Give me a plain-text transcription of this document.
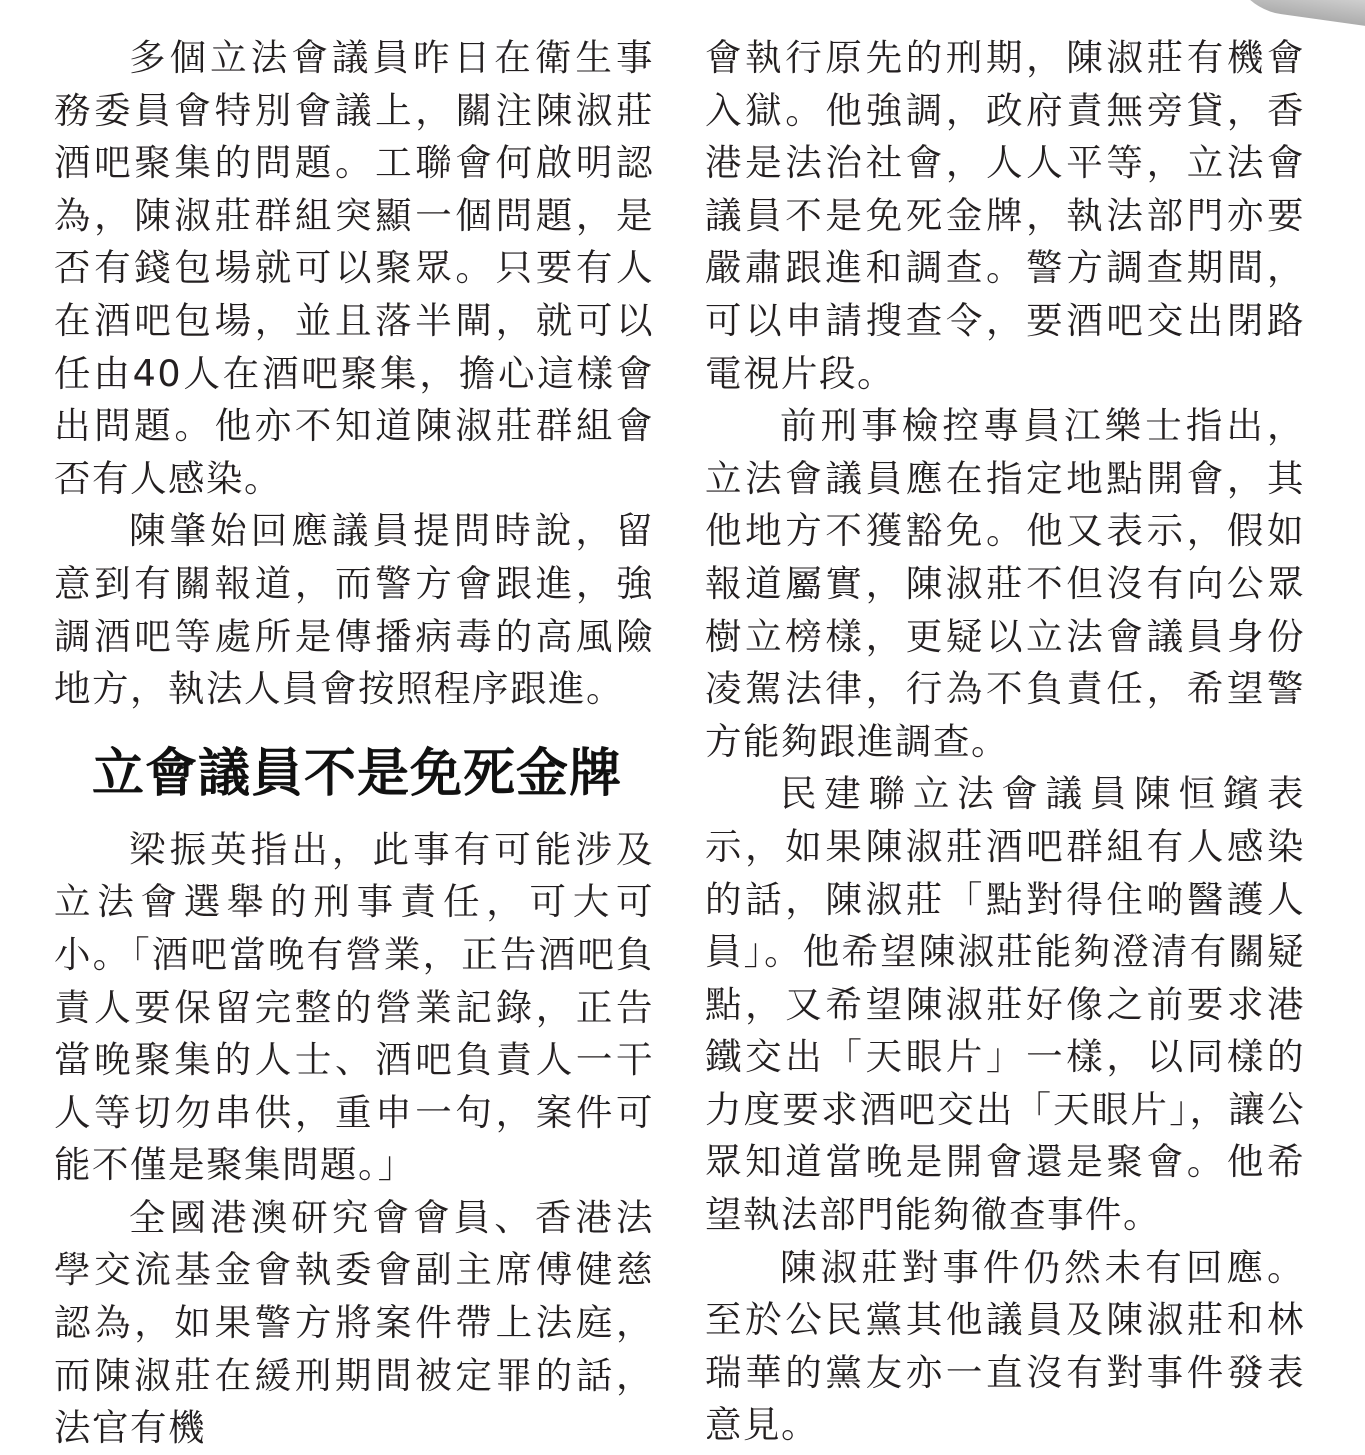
多個立法會議員昨日在衛生事務委員會特別會議上，關注陳淑莊酒吧聚集的問題。工聯會何啟明認為，陳淑莊群組突顯一個問題，是否有錢包場就可以聚眾。只要有人在酒吧包場，並且落半閘，就可以任由40人在酒吧聚集，擔心這樣會出問題。他亦不知道陳淑莊群組會否有人感染。

陳肇始回應議員提問時說，留意到有關報道，而警方會跟進，強調酒吧等處所是傳播病毒的高風險地方，執法人員會按照程序跟進。

立會議員不是免死金牌

梁振英指出，此事有可能涉及立法會選舉的刑事責任，可大可小。「酒吧當晚有營業，正告酒吧負責人要保留完整的營業記錄，正告當晚聚集的人士、酒吧負責人一干人等切勿串供，重申一句，案件可能不僅是聚集問題。」

全國港澳研究會會員、香港法學交流基金會執委會副主席傅健慈認為，如果警方將案件帶上法庭，而陳淑莊在緩刑期間被定罪的話，法官有機

會執行原先的刑期，陳淑莊有機會入獄。他強調，政府責無旁貸，香港是法治社會，人人平等，立法會議員不是免死金牌，執法部門亦要嚴肅跟進和調查。警方調查期間，可以申請搜查令，要酒吧交出閉路電視片段。

前刑事檢控專員江樂士指出，立法會議員應在指定地點開會，其他地方不獲豁免。他又表示，假如報道屬實，陳淑莊不但沒有向公眾樹立榜樣，更疑以立法會議員身份凌駕法律，行為不負責任，希望警方能夠跟進調查。

民建聯立法會議員陳恒鑌表示，如果陳淑莊酒吧群組有人感染的話，陳淑莊「點對得住啲醫護人員」。他希望陳淑莊能夠澄清有關疑點，又希望陳淑莊好像之前要求港鐵交出「天眼片」一樣，以同樣的力度要求酒吧交出「天眼片」，讓公眾知道當晚是開會還是聚會。他希望執法部門能夠徹查事件。

陳淑莊對事件仍然未有回應。至於公民黨其他議員及陳淑莊和林瑞華的黨友亦一直沒有對事件發表意見。
